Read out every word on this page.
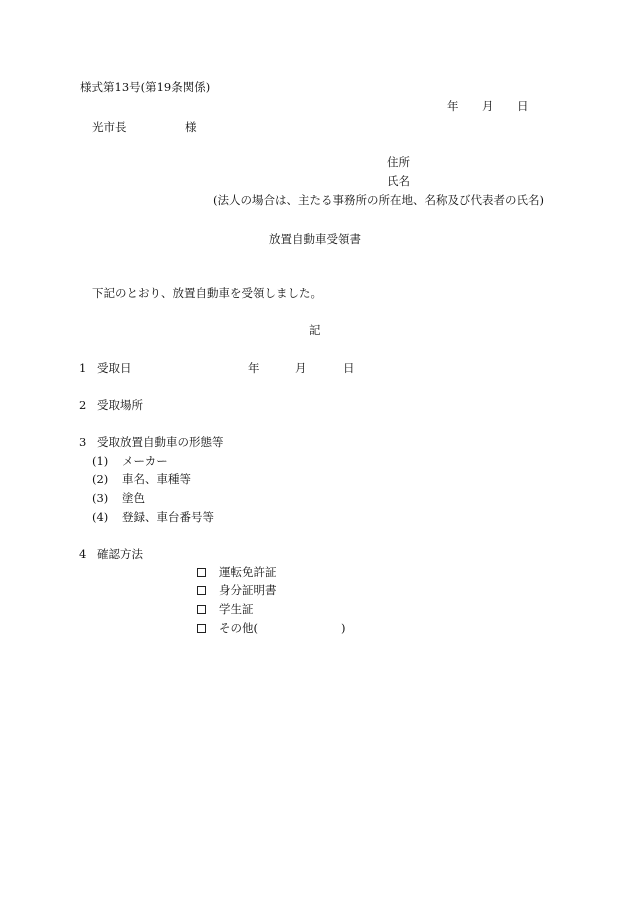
様式第13号(第19条関係)
年 月 日
光市長	様
住所
氏名
(法人の場合は、主たる事務所の所在地、名称及び代表者の氏名)
放置自動車受領書
下記のとおり、放置自動車を受領しました。
記
1 受取日	年	月	日
2 受取場所
3 受取放置自動車の形態等
(1) メーカー
(2) 車名、車種等
(3) 塗色
(4) 登録、車台番号等
4 確認方法
運転免許証
身分証明書
学生証
その他(	)
